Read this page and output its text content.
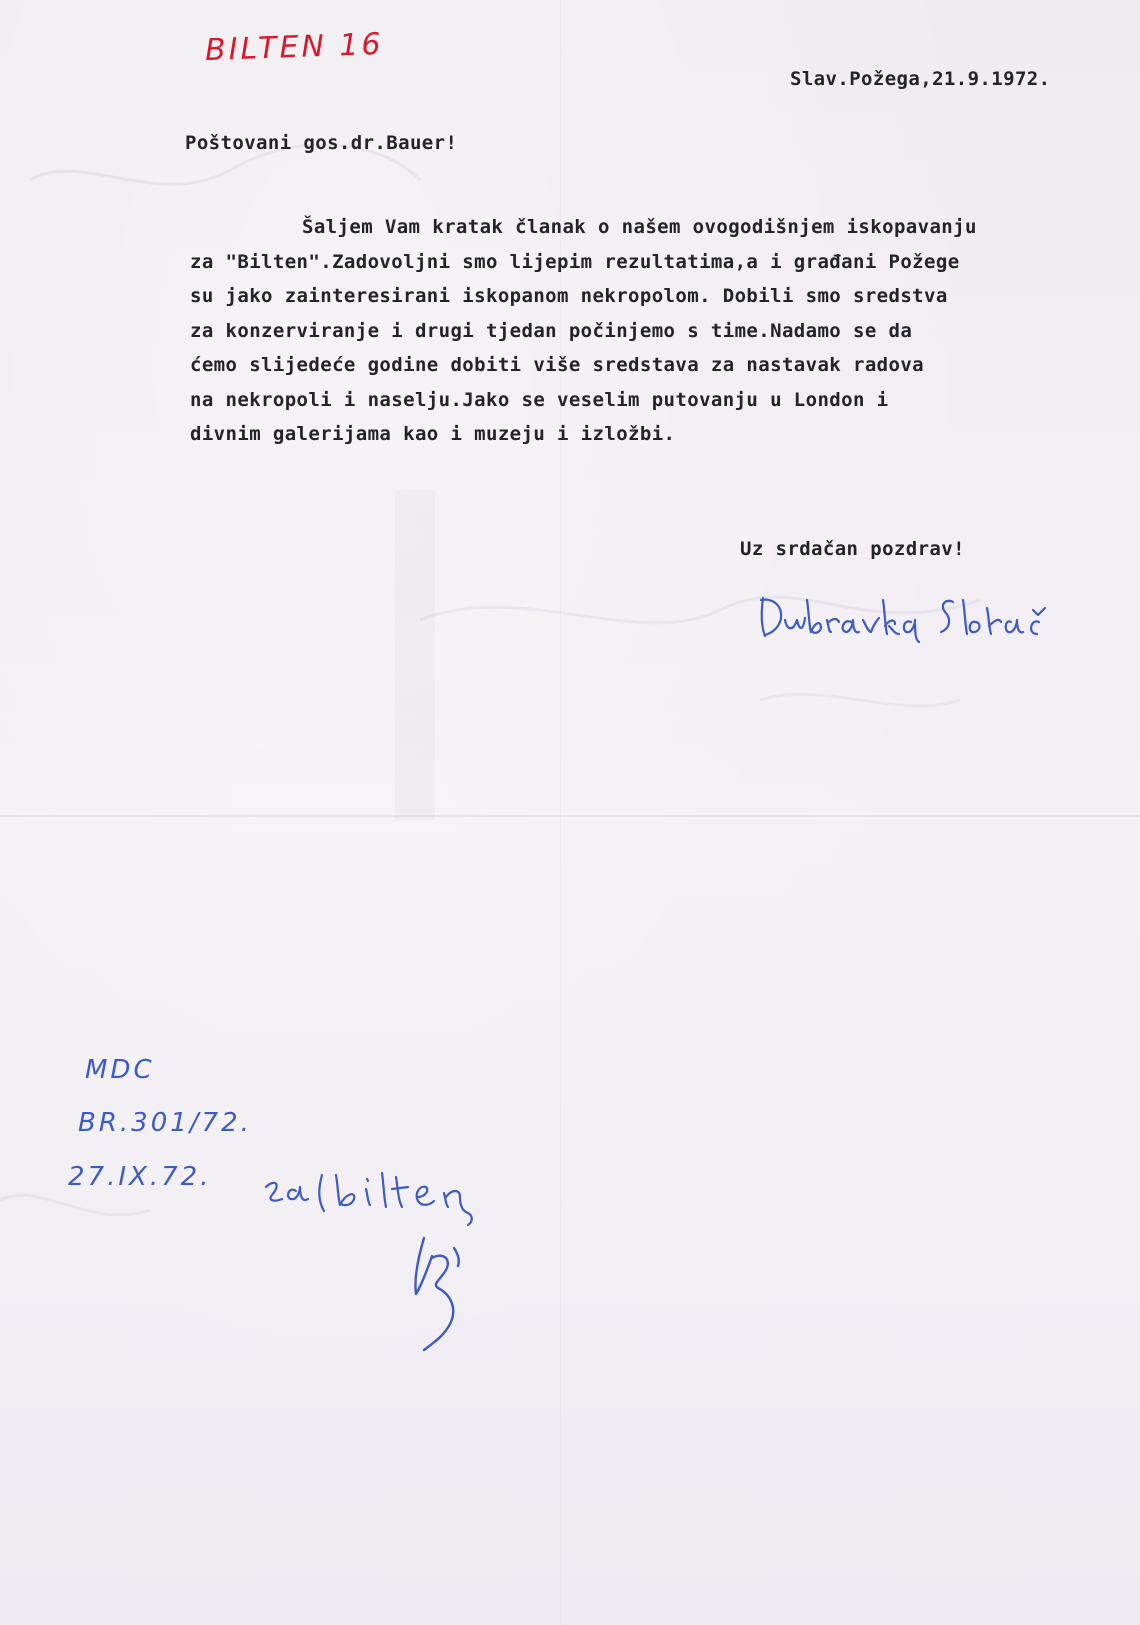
BILTEN 16
Slav.Požega,21.9.1972.
Poštovani gos.dr.Bauer!
Šaljem Vam kratak članak o našem ovogodišnjem iskopavanju
za "Bilten".Zadovoljni smo lijepim rezultatima,a i građani Požege
su jako zainteresirani iskopanom nekropolom. Dobili smo sredstva
za konzerviranje i drugi tjedan počinjemo s time.Nadamo se da
ćemo slijedeće godine dobiti više sredstava za nastavak radova
na nekropoli i naselju.Jako se veselim putovanju u London i
divnim galerijama kao i muzeju i izložbi.
Uz srdačan pozdrav!
MDC
BR.301/72.
27.IX.72.
